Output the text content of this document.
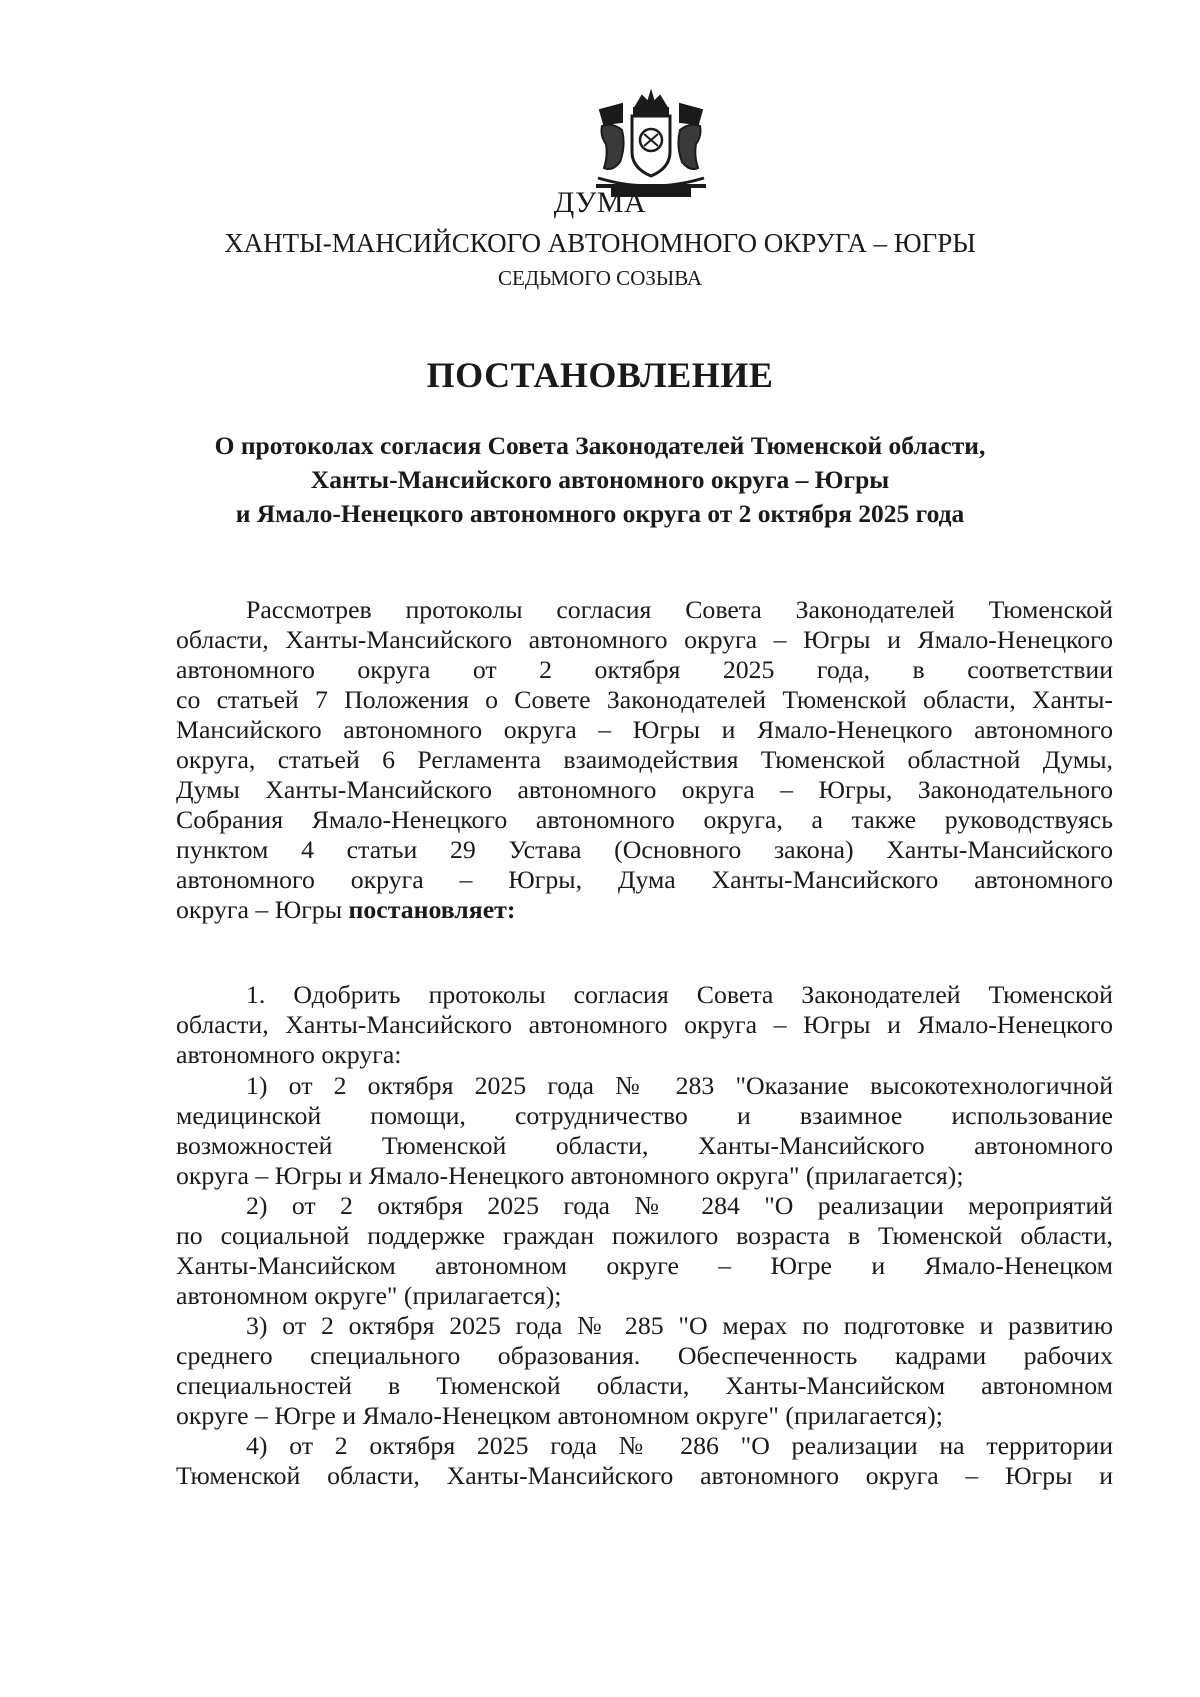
ДУМА
ХАНТЫ-МАНСИЙСКОГО АВТОНОМНОГО ОКРУГА – ЮГРЫ
СЕДЬМОГО СОЗЫВА
ПОСТАНОВЛЕНИЕ
О протоколах согласия Совета Законодателей Тюменской области,
Ханты-Мансийского автономного округа – Югры
и Ямало-Ненецкого автономного округа от 2 октября 2025 года
Рассмотрев протоколы согласия Совета Законодателей Тюменской
области, Ханты-Мансийского автономного округа – Югры и Ямало-Ненецкого
автономного округа от 2 октября 2025 года, в соответствии
со статьей 7 Положения о Совете Законодателей Тюменской области, Ханты-
Мансийского автономного округа – Югры и Ямало-Ненецкого автономного
округа, статьей 6 Регламента взаимодействия Тюменской областной Думы,
Думы Ханты-Мансийского автономного округа – Югры, Законодательного
Собрания Ямало-Ненецкого автономного округа, а также руководствуясь
пунктом 4 статьи 29 Устава (Основного закона) Ханты-Мансийского
автономного округа – Югры, Дума Ханты-Мансийского автономного
округа – Югры постановляет:
1. Одобрить протоколы согласия Совета Законодателей Тюменской
области, Ханты-Мансийского автономного округа – Югры и Ямало-Ненецкого
автономного округа:
1) от 2 октября 2025 года № 283 "Оказание высокотехнологичной
медицинской помощи, сотрудничество и взаимное использование
возможностей Тюменской области, Ханты-Мансийского автономного
округа – Югры и Ямало-Ненецкого автономного округа" (прилагается);
2) от 2 октября 2025 года № 284 "О реализации мероприятий
по социальной поддержке граждан пожилого возраста в Тюменской области,
Ханты-Мансийском автономном округе – Югре и Ямало-Ненецком
автономном округе" (прилагается);
3) от 2 октября 2025 года № 285 "О мерах по подготовке и развитию
среднего специального образования. Обеспеченность кадрами рабочих
специальностей в Тюменской области, Ханты-Мансийском автономном
округе – Югре и Ямало-Ненецком автономном округе" (прилагается);
4) от 2 октября 2025 года № 286 "О реализации на территории
Тюменской области, Ханты-Мансийского автономного округа – Югры и
